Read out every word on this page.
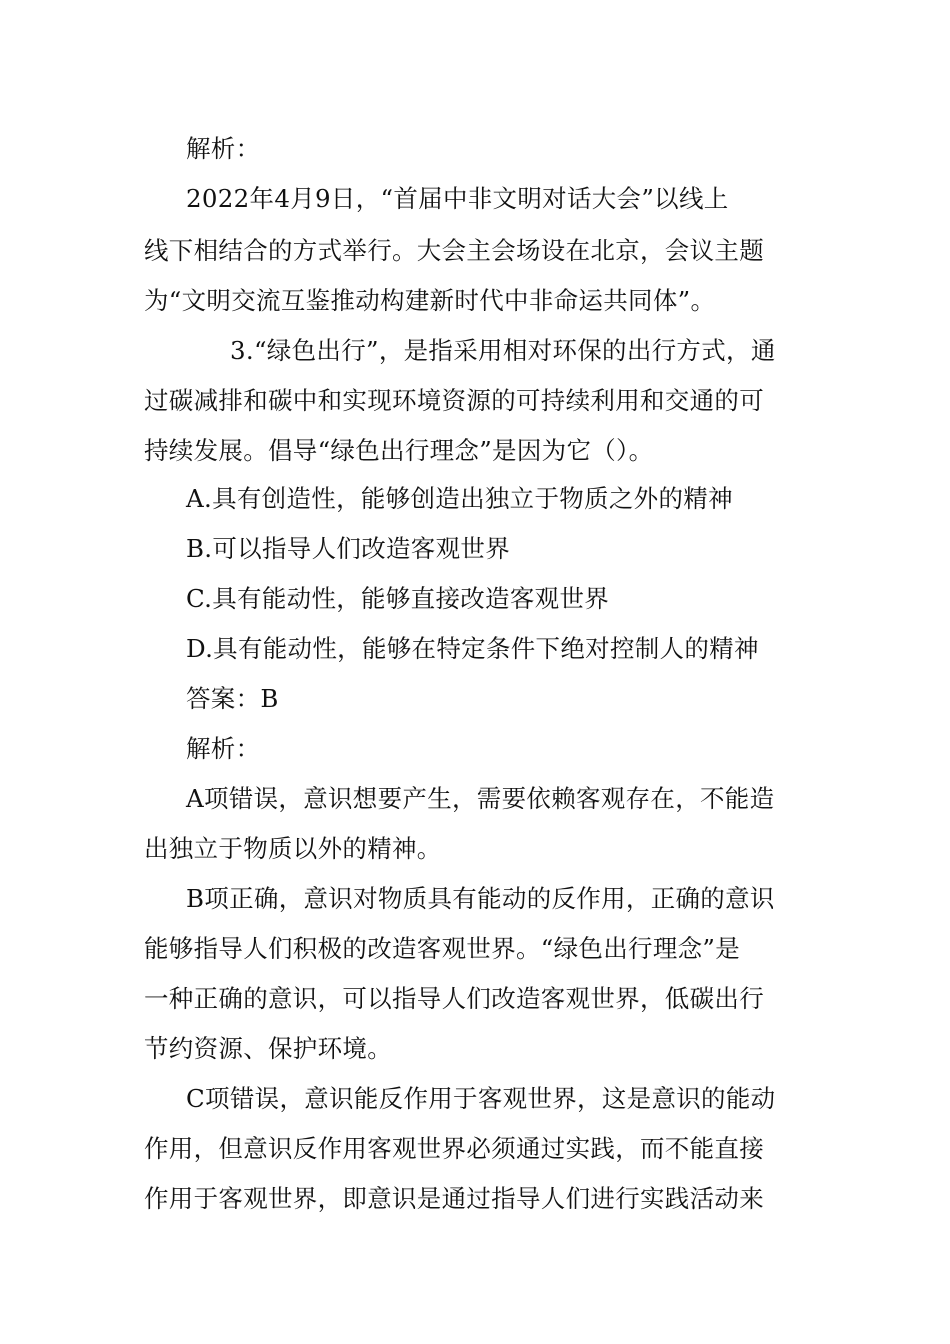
解析：
2022年4月9日，“首届中非文明对话大会”以线上
线下相结合的方式举行。大会主会场设在北京，会议主题
为“文明交流互鉴推动构建新时代中非命运共同体”。
3.“绿色出行”，是指采用相对环保的出行方式，通
过碳减排和碳中和实现环境资源的可持续利用和交通的可
持续发展。倡导“绿色出行理念”是因为它（）。
A.具有创造性，能够创造出独立于物质之外的精神
B.可以指导人们改造客观世界
C.具有能动性，能够直接改造客观世界
D.具有能动性，能够在特定条件下绝对控制人的精神
答案：B
解析：
A项错误，意识想要产生，需要依赖客观存在，不能造
出独立于物质以外的精神。
B项正确，意识对物质具有能动的反作用，正确的意识
能够指导人们积极的改造客观世界。“绿色出行理念”是
一种正确的意识，可以指导人们改造客观世界，低碳出行
节约资源、保护环境。
C项错误，意识能反作用于客观世界，这是意识的能动
作用，但意识反作用客观世界必须通过实践，而不能直接
作用于客观世界，即意识是通过指导人们进行实践活动来
